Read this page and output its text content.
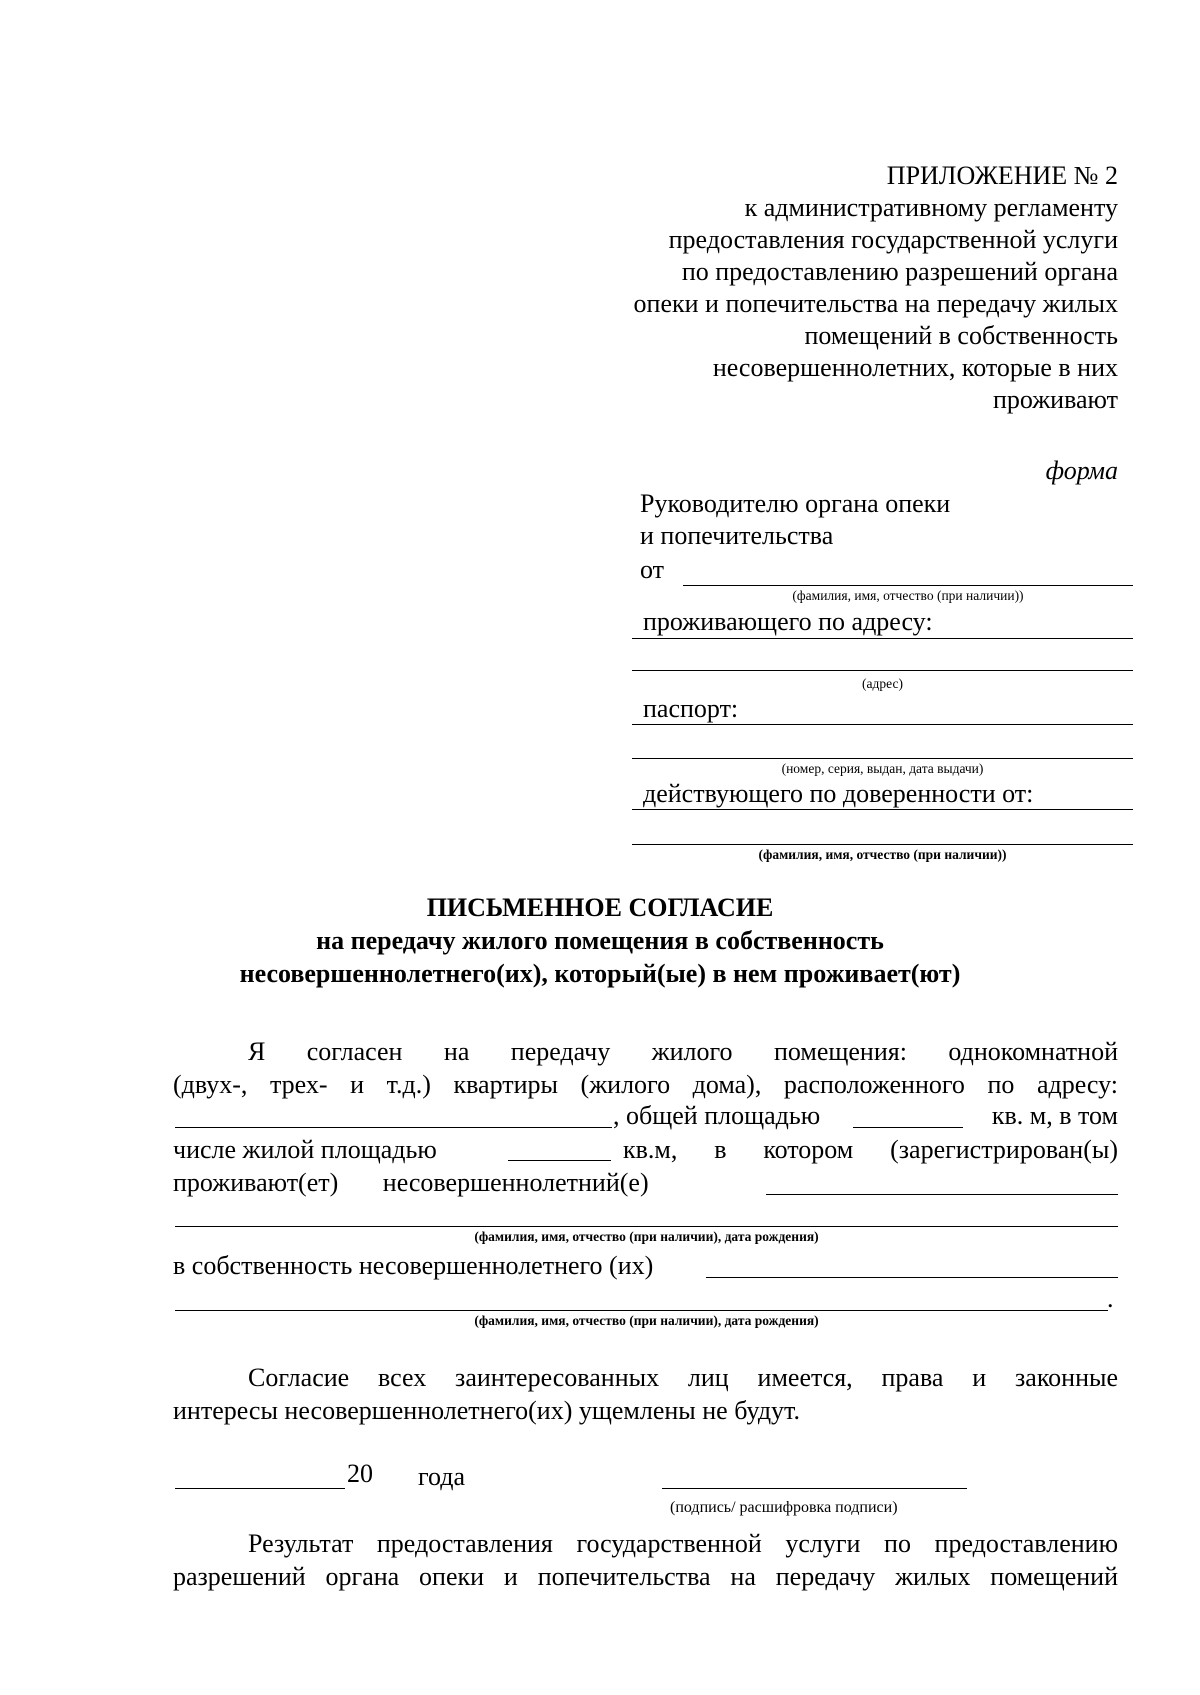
ПРИЛОЖЕНИЕ № 2
к административному регламенту
предоставления государственной услуги
по предоставлению разрешений органа
опеки и попечительства на передачу жилых
помещений в собственность
несовершеннолетних, которые в них
проживают
форма
Руководителю органа опеки
и попечительства
от
(фамилия, имя, отчество (при наличии))
проживающего по адресу:
(адрес)
паспорт:
(номер, серия, выдан, дата выдачи)
действующего по доверенности от:
(фамилия, имя, отчество (при наличии))
ПИСЬМЕННОЕ СОГЛАСИЕ
на передачу жилого помещения в собственность
несовершеннолетнего(их), который(ые) в нем проживает(ют)
Я согласен на передачу жилого помещения: однокомнатной
(двух-, трех- и т.д.) квартиры (жилого дома), расположенного по адресу:
, общей площадью	кв. м, в том
числе жилой площадью	кв.м, в котором (зарегистрирован(ы)
проживают(ет) несовершеннолетний(е)
(фамилия, имя, отчество (при наличии), дата рождения)
в собственность несовершеннолетнего (их)
.
(фамилия, имя, отчество (при наличии), дата рождения)
Согласие всех заинтересованных лиц имеется, права и законные
интересы несовершеннолетнего(их) ущемлены не будут.
20 года
(подпись/ расшифровка подписи)
Результат предоставления государственной услуги по предоставлению
разрешений органа опеки и попечительства на передачу жилых помещений
